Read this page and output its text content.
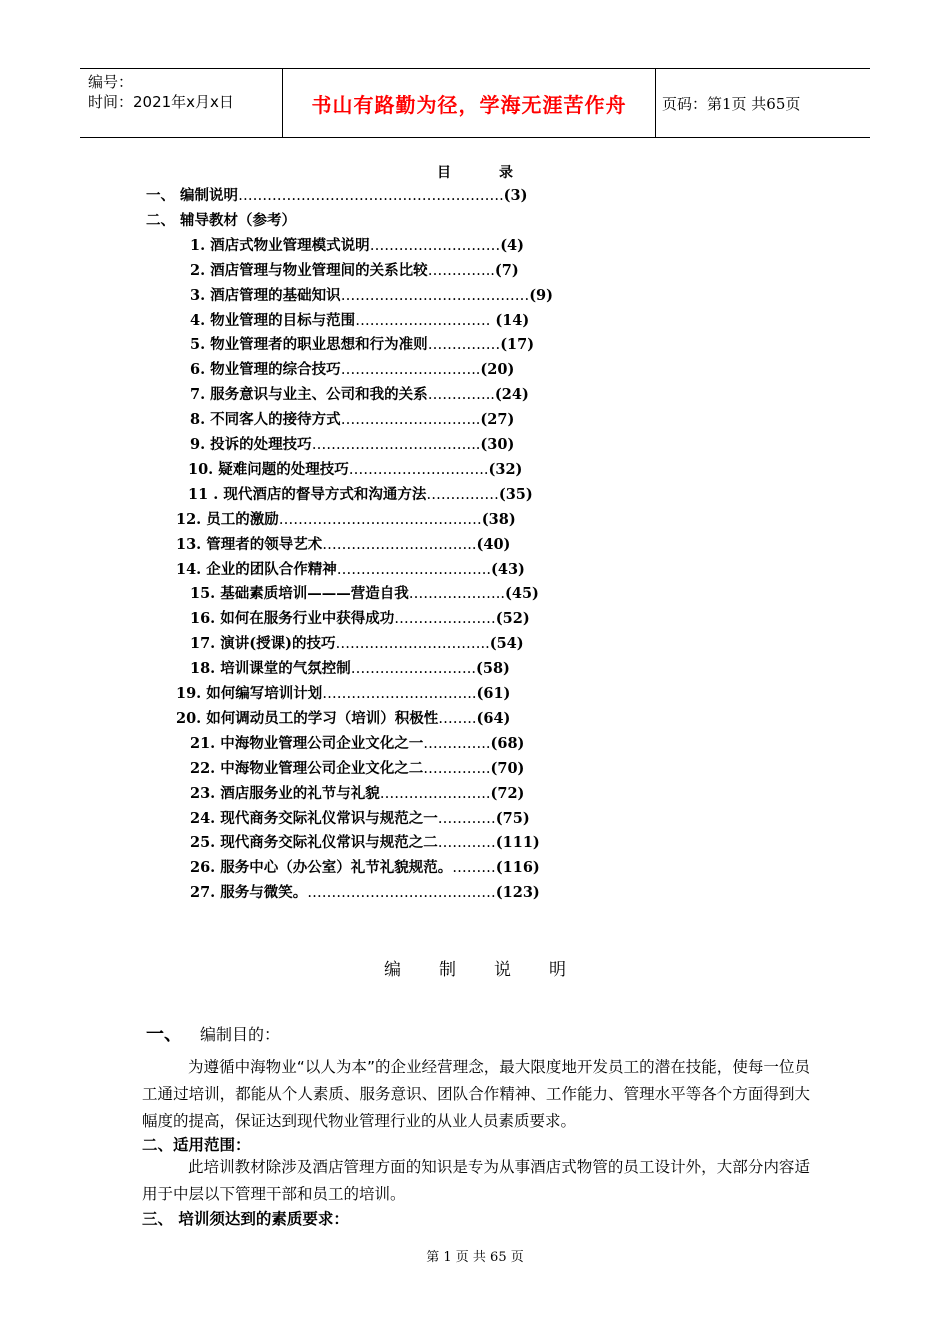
编号：
时间：2021年x月x日	书山有路勤为径，学海无涯苦作舟	页码：第1页 共65页
目录
一、 编制说明……………………………………………….(3)
二、 辅导教材（参考）
1. 酒店式物业管理模式说明………………………(4)
2. 酒店管理与物业管理间的关系比较…………..(7)
3. 酒店管理的基础知识…………………………………(9)
4. 物业管理的目标与范围………………………. (14)
5. 物业管理者的职业思想和行为准则……………(17)
6. 物业管理的综合技巧………………………..(20)
7. 服务意识与业主、公司和我的关系…………..(24)
8. 不同客人的接待方式………………………..(27)
9. 投诉的处理技巧……………………………..(30)
10. 疑难问题的处理技巧………………………..(32)
11 . 现代酒店的督导方式和沟通方法……………(35)
12. 员工的激励……………………………………(38)
13. 管理者的领导艺术…………………………..(40)
14. 企业的团队合作精神…………………………..(43)
15. 基础素质培训———营造自我………………..(45)
16. 如何在服务行业中获得成功…………………(52)
17. 演讲(授课)的技巧…………………………..(54)
18. 培训课堂的气氛控制……………………..(58)
19. 如何编写培训计划…………………………..(61)
20. 如何调动员工的学习（培训）积极性……..(64)
21. 中海物业管理公司企业文化之一…………..(68)
22. 中海物业管理公司企业文化之二…………..(70)
23. 酒店服务业的礼节与礼貌…………………..(72)
24. 现代商务交际礼仪常识与规范之一…………(75)
25. 现代商务交际礼仪常识与规范之二…………(111)
26. 服务中心（办公室）礼节礼貌规范。………(116)
27. 服务与微笑。…………………………………(123)
编制说明
一、 编制目的：
为遵循中海物业“以人为本”的企业经营理念，最大限度地开发员工的潜在技能，使每一位员工通过培训，都能从个人素质、服务意识、团队合作精神、工作能力、管理水平等各个方面得到大幅度的提高，保证达到现代物业管理行业的从业人员素质要求。
二、适用范围：
此培训教材除涉及酒店管理方面的知识是专为从事酒店式物管的员工设计外，大部分内容适用于中层以下管理干部和员工的培训。
三、 培训须达到的素质要求：
第 1 页 共 65 页
